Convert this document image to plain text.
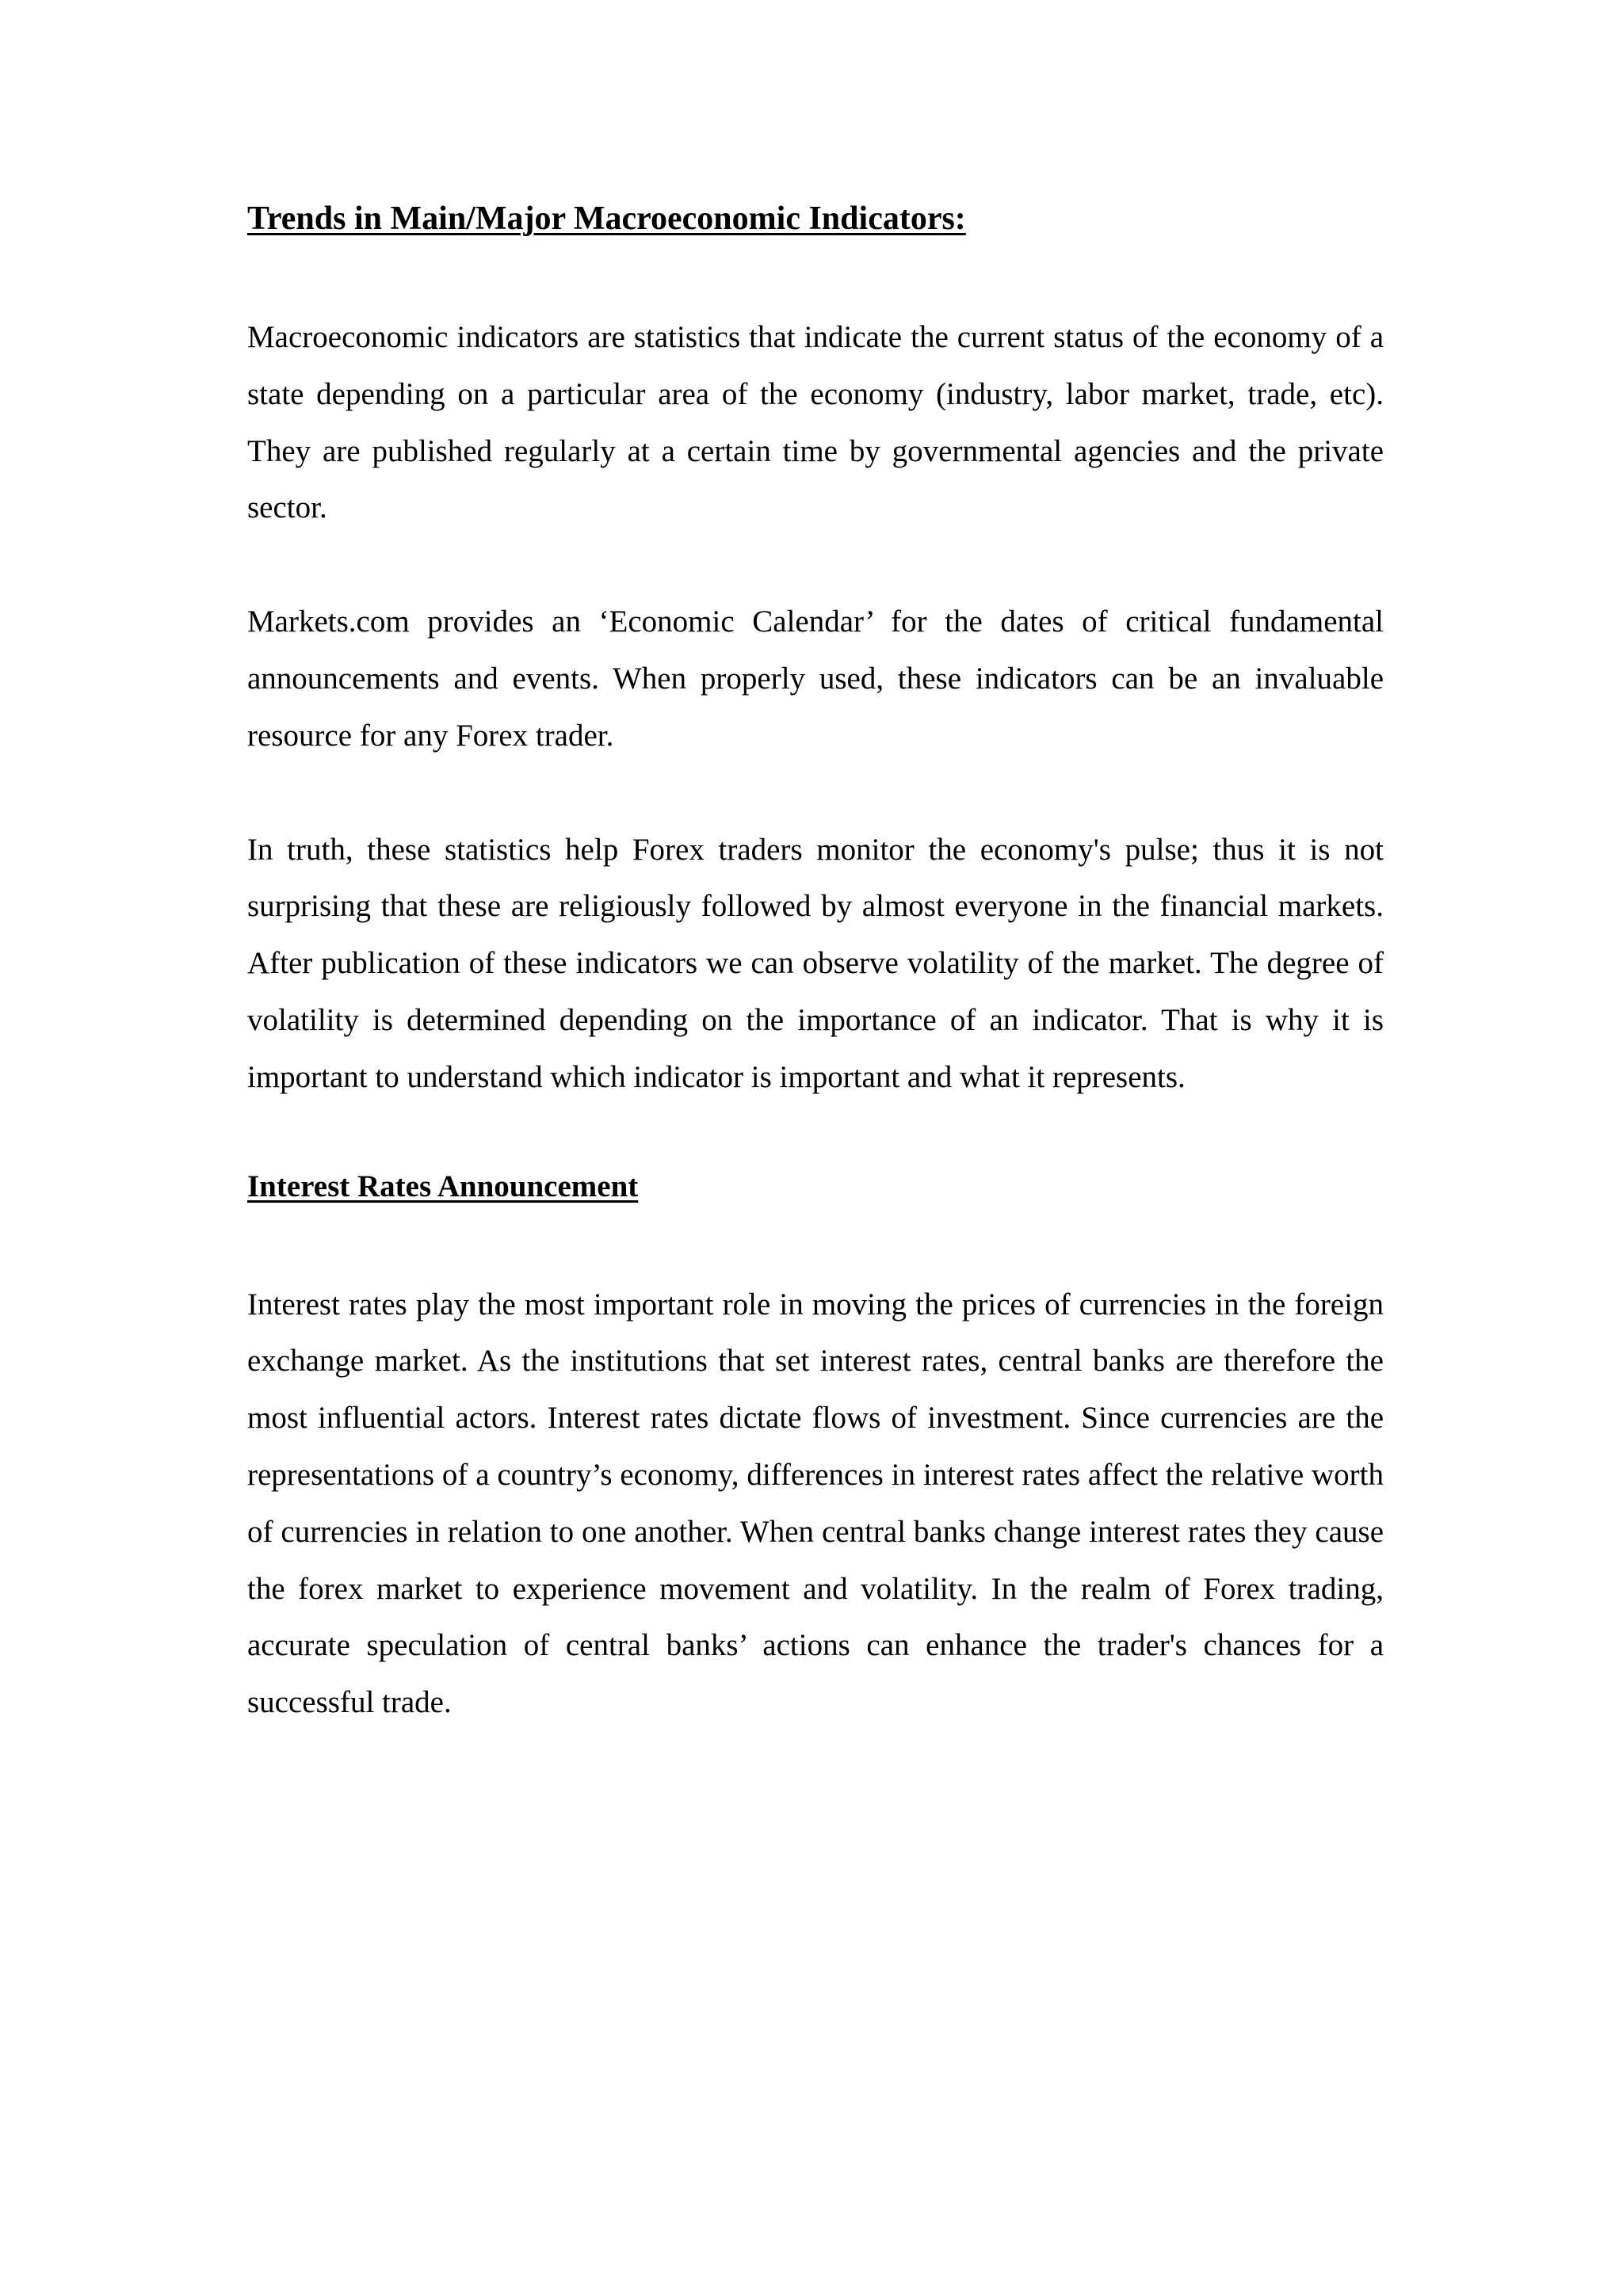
Trends in Main/Major Macroeconomic Indicators:

Macroeconomic indicators are statistics that indicate the current status of the economy of a state depending on a particular area of the economy (industry, labor market, trade, etc). They are published regularly at a certain time by governmental agencies and the private sector.

Markets.com provides an ‘Economic Calendar’ for the dates of critical fundamental announcements and events. When properly used, these indicators can be an invaluable resource for any Forex trader.

In truth, these statistics help Forex traders monitor the economy's pulse; thus it is not surprising that these are religiously followed by almost everyone in the financial markets. After publication of these indicators we can observe volatility of the market. The degree of volatility is determined depending on the importance of an indicator. That is why it is important to understand which indicator is important and what it represents.

Interest Rates Announcement

Interest rates play the most important role in moving the prices of currencies in the foreign exchange market. As the institutions that set interest rates, central banks are therefore the most influential actors. Interest rates dictate flows of investment. Since currencies are the representations of a country’s economy, differences in interest rates affect the relative worth of currencies in relation to one another. When central banks change interest rates they cause the forex market to experience movement and volatility. In the realm of Forex trading, accurate speculation of central banks’ actions can enhance the trader's chances for a successful trade.
